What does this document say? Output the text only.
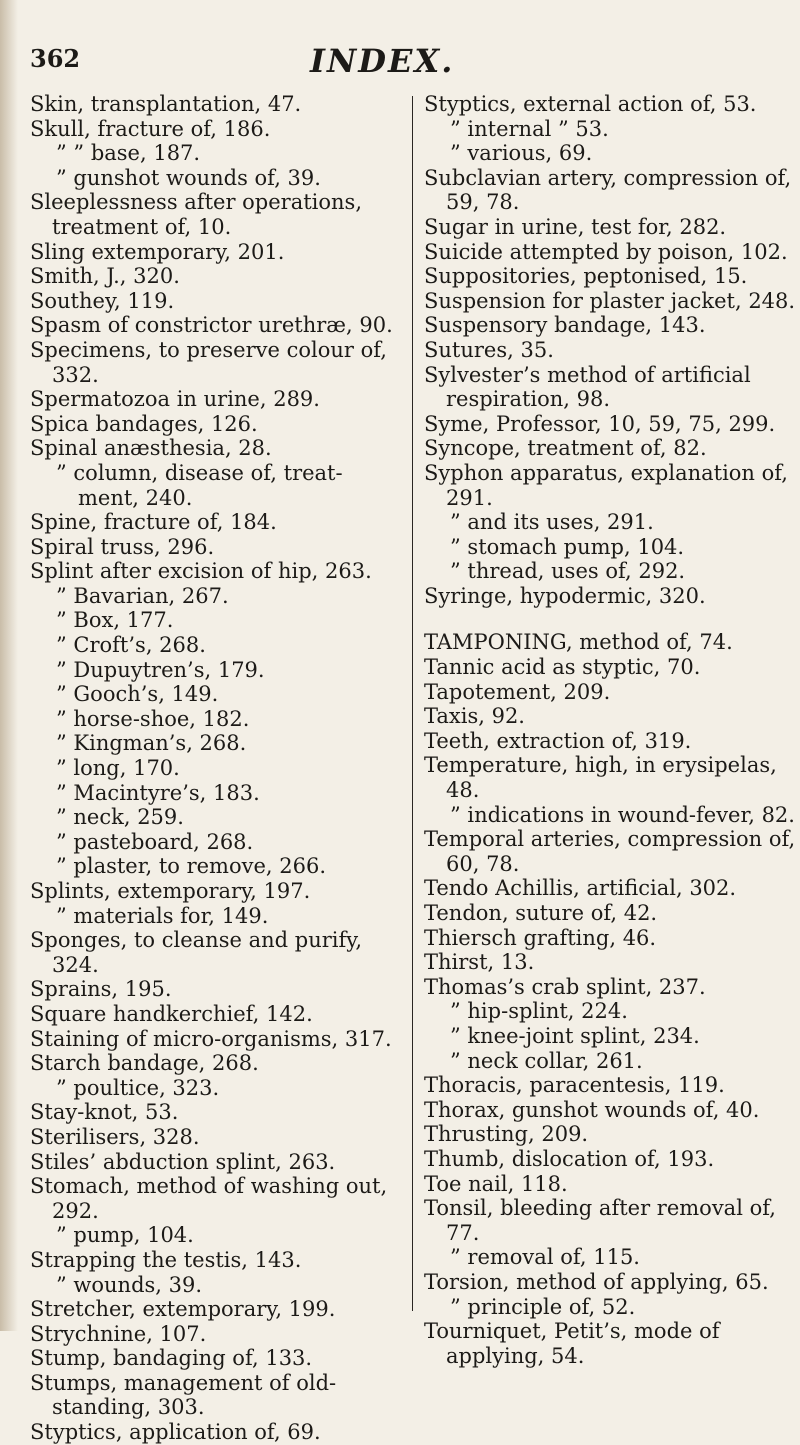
362	INDEX.
Skin, transplantation, 47.
Skull, fracture of, 186.
” ” base, 187.
” gunshot wounds of, 39.
Sleeplessness after operations, treatment of, 10.
Sling extemporary, 201.
Smith, J., 320.
Southey, 119.
Spasm of constrictor urethræ, 90.
Specimens, to preserve colour of, 332.
Spermatozoa in urine, 289.
Spica bandages, 126.
Spinal anæsthesia, 28.
” column, disease of, treat-ment, 240.
Spine, fracture of, 184.
Spiral truss, 296.
Splint after excision of hip, 263.
” Bavarian, 267.
” Box, 177.
” Croft’s, 268.
” Dupuytren’s, 179.
” Gooch’s, 149.
” horse-shoe, 182.
” Kingman’s, 268.
” long, 170.
” Macintyre’s, 183.
” neck, 259.
” pasteboard, 268.
” plaster, to remove, 266.
Splints, extemporary, 197.
” materials for, 149.
Sponges, to cleanse and purify, 324.
Sprains, 195.
Square handkerchief, 142.
Staining of micro-organisms, 317.
Starch bandage, 268.
” poultice, 323.
Stay-knot, 53.
Sterilisers, 328.
Stiles’ abduction splint, 263.
Stomach, method of washing out, 292.
” pump, 104.
Strapping the testis, 143.
” wounds, 39.
Stretcher, extemporary, 199.
Strychnine, 107.
Stump, bandaging of, 133.
Stumps, management of old-standing, 303.
Styptics, application of, 69.
Styptics, external action of, 53.
” internal ” 53.
” various, 69.
Subclavian artery, compression of, 59, 78.
Sugar in urine, test for, 282.
Suicide attempted by poison, 102.
Suppositories, peptonised, 15.
Suspension for plaster jacket, 248.
Suspensory bandage, 143.
Sutures, 35.
Sylvester’s method of artificial respiration, 98.
Syme, Professor, 10, 59, 75, 299.
Syncope, treatment of, 82.
Syphon apparatus, explanation of, 291.
” and its uses, 291.
” stomach pump, 104.
” thread, uses of, 292.
Syringe, hypodermic, 320.
TAMPONING, method of, 74.
Tannic acid as styptic, 70.
Tapotement, 209.
Taxis, 92.
Teeth, extraction of, 319.
Temperature, high, in erysipelas, 48.
” indications in wound-fever, 82.
Temporal arteries, compression of, 60, 78.
Tendo Achillis, artificial, 302.
Tendon, suture of, 42.
Thiersch grafting, 46.
Thirst, 13.
Thomas’s crab splint, 237.
” hip-splint, 224.
” knee-joint splint, 234.
” neck collar, 261.
Thoracis, paracentesis, 119.
Thorax, gunshot wounds of, 40.
Thrusting, 209.
Thumb, dislocation of, 193.
Toe nail, 118.
Tonsil, bleeding after removal of, 77.
” removal of, 115.
Torsion, method of applying, 65.
” principle of, 52.
Tourniquet, Petit’s, mode of applying, 54.
